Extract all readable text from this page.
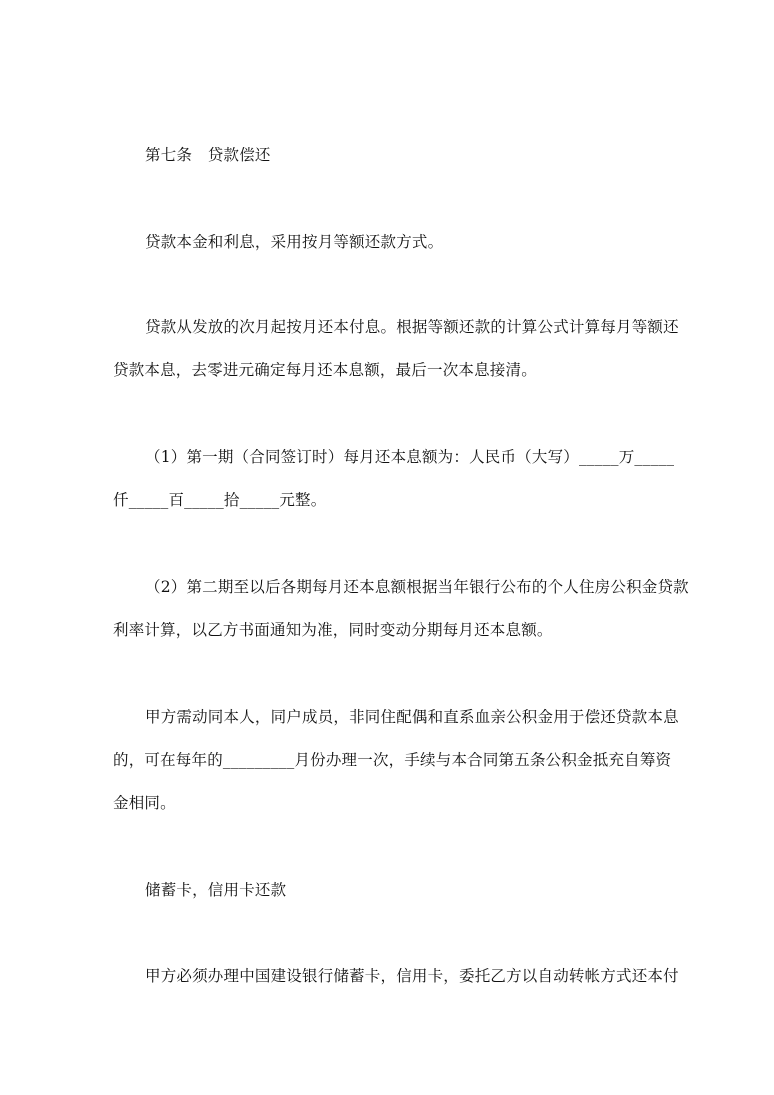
第七条　贷款偿还
贷款本金和利息，采用按月等额还款方式。
贷款从发放的次月起按月还本付息。根据等额还款的计算公式计算每月等额还
贷款本息，去零进元确定每月还本息额，最后一次本息接清。
（1）第一期（合同签订时）每月还本息额为：人民币（大写）_____万_____
仟_____百_____拾_____元整。
（2）第二期至以后各期每月还本息额根据当年银行公布的个人住房公积金贷款
利率计算，以乙方书面通知为准，同时变动分期每月还本息额。
甲方需动同本人，同户成员，非同住配偶和直系血亲公积金用于偿还贷款本息
的，可在每年的_________月份办理一次，手续与本合同第五条公积金抵充自筹资
金相同。
储蓄卡，信用卡还款
甲方必须办理中国建设银行储蓄卡，信用卡，委托乙方以自动转帐方式还本付
